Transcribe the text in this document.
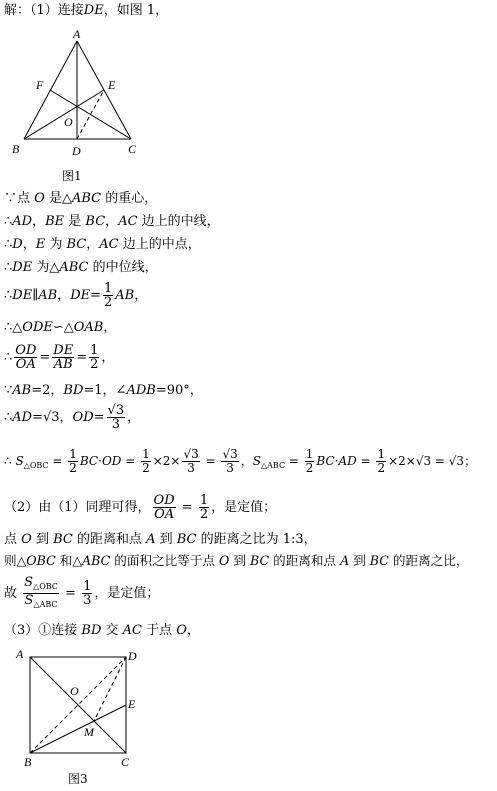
解：（1）连接DE，如图 1，
A
B	C
D
E
F
O
图1
∵点 O 是△ABC 的重心，
∴AD，BE 是 BC，AC 边上的中线，
∴D，E 为 BC，AC 边上的中点，
∴DE 为△ABC 的中位线，
∴DE∥AB，$DE= \frac{1}{2}$ AB，
∴△ODE∽△OAB，
∴ $\frac{OD}{OA} = \frac{DE}{AB} = \frac{1}{2}$ ，
∵AB=2，BD=1，∠ADB=90°，
∴AD=√3，$OD= \frac{√3}{3}$ ，
∴ $S_{\triangle OBC} = \frac{1}{2} BC\cdot OD = \frac{1}{2} \times 2\times \frac{√3}{3} = \frac{√3}{3}$ ，$S_{\triangle ABC} = \frac{1}{2} BC\cdot AD = \frac{1}{2} \times 2\times√3 = √3$；
（2）由（1）同理可得， $\frac{OD}{OA} = \frac{1}{2}$ ，是定值；
点 O 到 BC 的距离和点 A 到 BC 的距离之比为 1:3，
则△OBC 和△ABC 的面积之比等于点 O 到 BC 的距离和点 A 到 BC 的距离之比，
故 $\frac{S_{\triangle OBC}}{S_{\triangle ABC}} = \frac{1}{3}$ ，是定值；
（3）①连接 BD 交 AC 于点 O，
A	D
B	C
E
O
M
图3
